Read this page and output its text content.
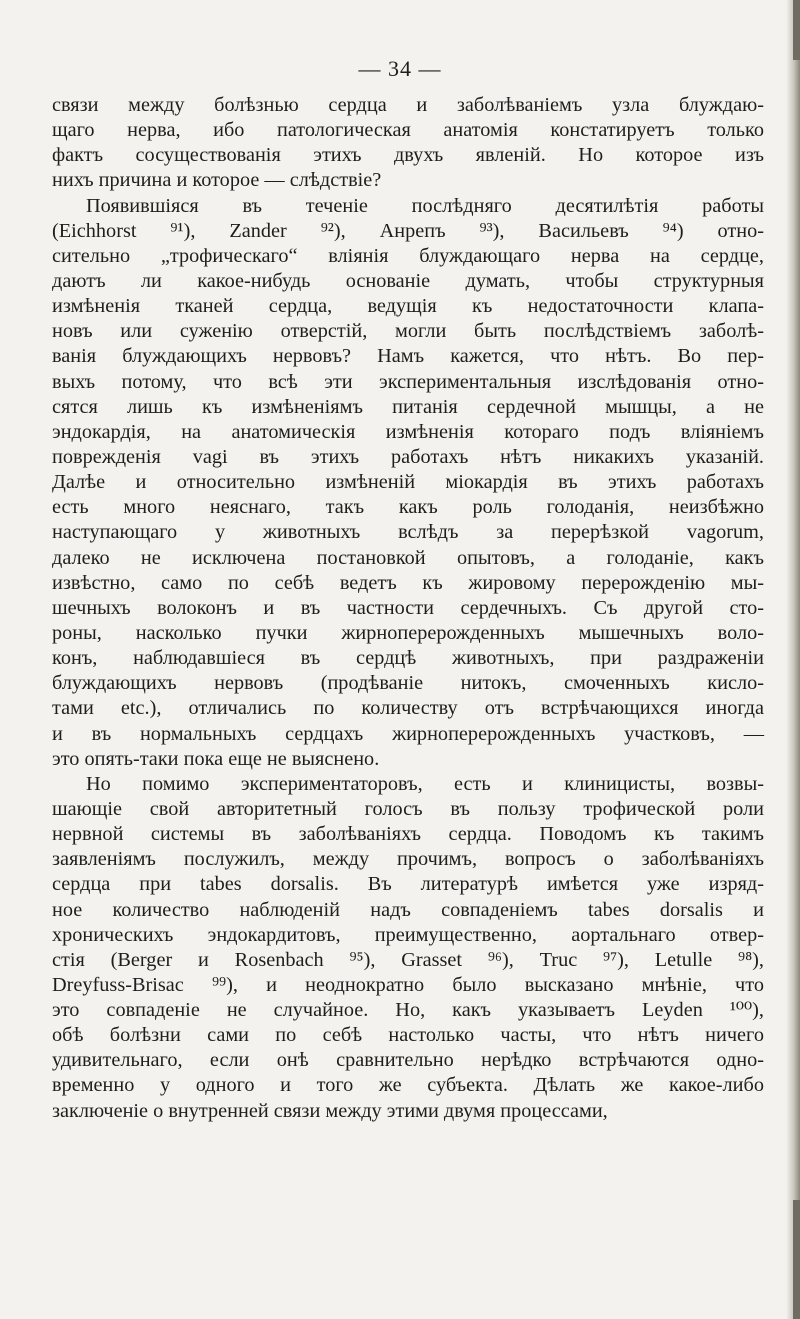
— 34 —
связи между болѣзнью сердца и заболѣваніемъ узла блуждаю-
щаго нерва, ибо патологическая анатомія констатируетъ только
фактъ сосуществованія этихъ двухъ явленій. Но которое изъ
нихъ причина и которое — слѣдствіе?
Появившіяся въ теченіе послѣдняго десятилѣтія работы
(Eichhorst ⁹¹), Zander ⁹²), Анрепъ ⁹³), Васильевъ ⁹⁴) отно-
сительно „трофическаго“ вліянія блуждающаго нерва на сердце,
даютъ ли какое-нибудь основаніе думать, чтобы структурныя
измѣненія тканей сердца, ведущія къ недостаточности клапа-
новъ или суженію отверстій, могли быть послѣдствіемъ заболѣ-
ванія блуждающихъ нервовъ? Намъ кажется, что нѣтъ. Во пер-
выхъ потому, что всѣ эти экспериментальныя изслѣдованія отно-
сятся лишь къ измѣненіямъ питанія сердечной мышцы, а не
эндокардія, на анатомическія измѣненія котораго подъ вліяніемъ
поврежденія vagi въ этихъ работахъ нѣтъ никакихъ указаній.
Далѣе и относительно измѣненій міокардія въ этихъ работахъ
есть много неяснаго, такъ какъ роль голоданія, неизбѣжно
наступающаго у животныхъ вслѣдъ за перерѣзкой vagorum,
далеко не исключена постановкой опытовъ, а голоданіе, какъ
извѣстно, само по себѣ ведетъ къ жировому перерожденію мы-
шечныхъ волоконъ и въ частности сердечныхъ. Съ другой сто-
роны, насколько пучки жирноперерожденныхъ мышечныхъ воло-
конъ, наблюдавшіеся въ сердцѣ животныхъ, при раздраженіи
блуждающихъ нервовъ (продѣваніе нитокъ, смоченныхъ кисло-
тами etc.), отличались по количеству отъ встрѣчающихся иногда
и въ нормальныхъ сердцахъ жирноперерожденныхъ участковъ, —
это опять-таки пока еще не выяснено.
Но помимо экспериментаторовъ, есть и клиницисты, возвы-
шающіе свой авторитетный голосъ въ пользу трофической роли
нервной системы въ заболѣваніяхъ сердца. Поводомъ къ такимъ
заявленіямъ послужилъ, между прочимъ, вопросъ о заболѣваніяхъ
сердца при tabes dorsalis. Въ литературѣ имѣется уже изряд-
ное количество наблюденій надъ совпаденіемъ tabes dorsalis и
хроническихъ эндокардитовъ, преимущественно, аортальнаго отвер-
стія (Berger и Rosenbach ⁹⁵), Grasset ⁹⁶), Truc ⁹⁷), Letulle ⁹⁸),
Dreyfuss-Brisac ⁹⁹), и неоднократно было высказано мнѣніе, что
это совпаденіе не случайное. Но, какъ указываетъ Leyden ¹⁰⁰),
обѣ болѣзни сами по себѣ настолько часты, что нѣтъ ничего
удивительнаго, если онѣ сравнительно нерѣдко встрѣчаются одно-
временно у одного и того же субъекта. Дѣлать же какое-либо
заключеніе о внутренней связи между этими двумя процессами,
